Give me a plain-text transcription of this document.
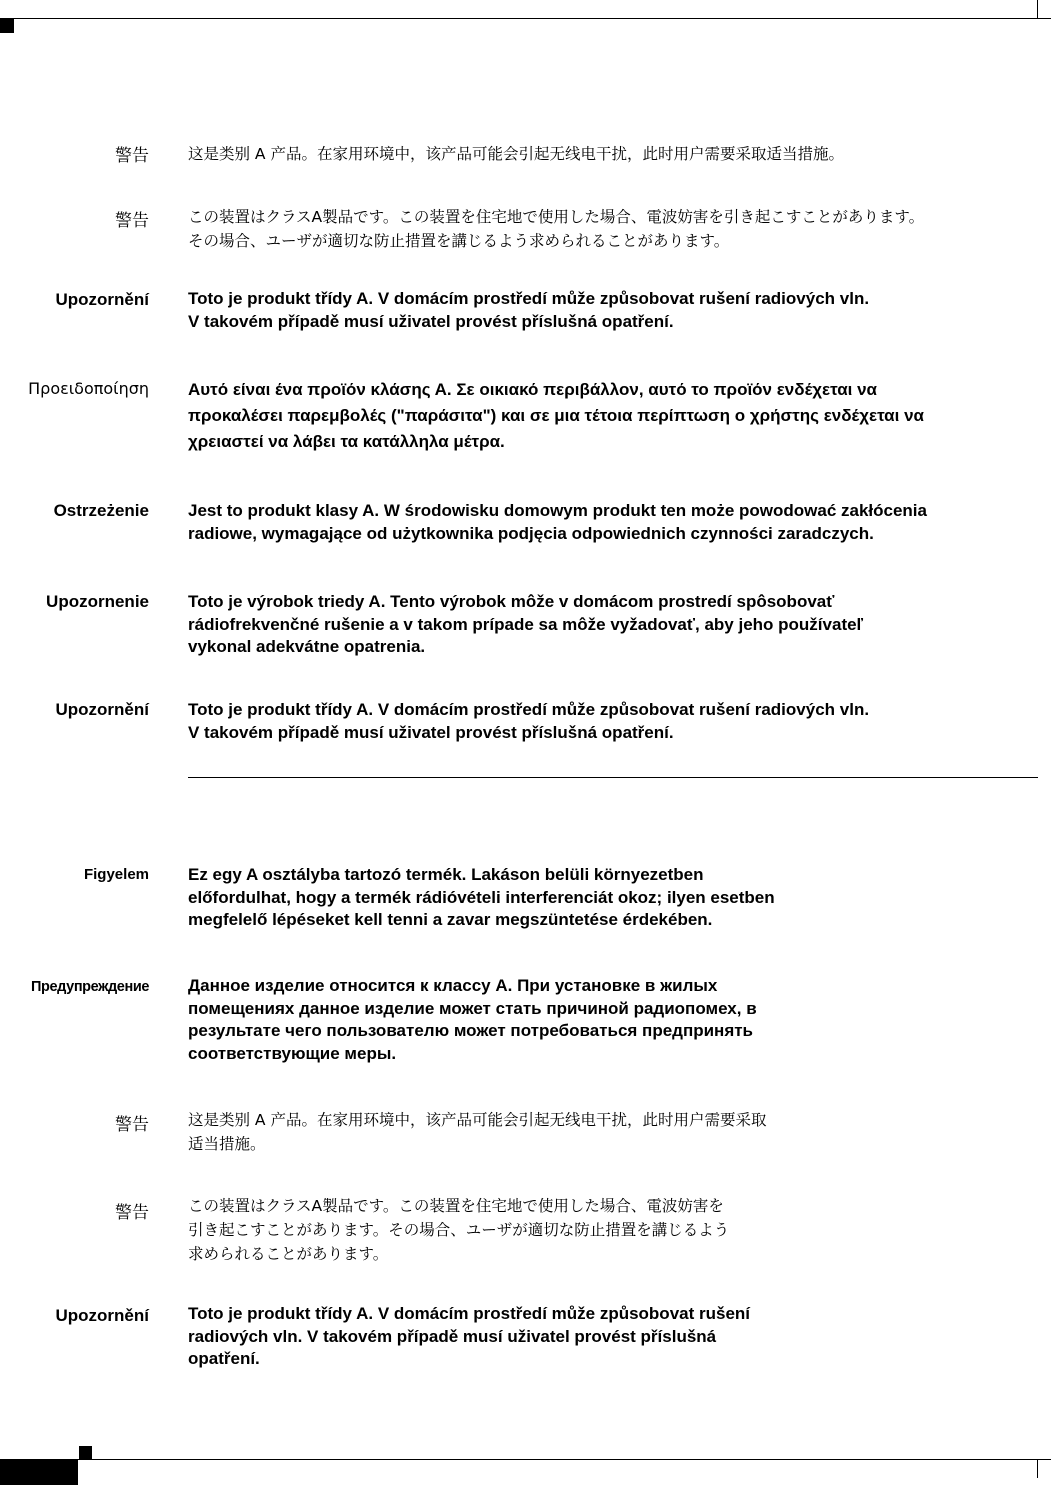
警告	这是类别 A 产品。在家用环境中，该产品可能会引起无线电干扰，此时用户需要采取适当措施。
警告	この装置はクラスA製品です。この装置を住宅地で使用した場合、電波妨害を引き起こすことがあります。
その場合、ユーザが適切な防止措置を講じるよう求められることがあります。
Upozornění Toto je produkt třídy A. V domácím prostředí může způsobovat rušení radiových vln.
V takovém případě musí uživatel provést příslušná opatření.
Προειδοποίηση Αυτό είναι ένα προϊόν κλάσης Α. Σε οικιακό περιβάλλον, αυτό το προϊόν ενδέχεται να
προκαλέσει παρεμβολές ("παράσιτα") και σε μια τέτοια περίπτωση ο χρήστης ενδέχεται να
χρειαστεί να λάβει τα κατάλληλα μέτρα.
Ostrzeżenie Jest to produkt klasy A. W środowisku domowym produkt ten może powodować zakłócenia
radiowe, wymagające od użytkownika podjęcia odpowiednich czynności zaradczych.
Upozornenie Toto je výrobok triedy A. Tento výrobok môže v domácom prostredí spôsobovať
rádiofrekvenčné rušenie a v takom prípade sa môže vyžadovať, aby jeho používateľ
vykonal adekvátne opatrenia.
Upozornění Toto je produkt třídy A. V domácím prostředí může způsobovat rušení radiových vln.
V takovém případě musí uživatel provést příslušná opatření.
Figyelem Ez egy A osztályba tartozó termék. Lakáson belüli környezetben
előfordulhat, hogy a termék rádióvételi interferenciát okoz; ilyen esetben
megfelelő lépéseket kell tenni a zavar megszüntetése érdekében.
Предупреждение Данное изделие относится к классу А. При установке в жилых
помещениях данное изделие может стать причиной радиопомех, в
результате чего пользователю может потребоваться предпринять
соответствующие меры.
警告	这是类别 A 产品。在家用环境中，该产品可能会引起无线电干扰，此时用户需要采取
适当措施。
警告	この装置はクラスA製品です。この装置を住宅地で使用した場合、電波妨害を
引き起こすことがあります。その場合、ユーザが適切な防止措置を講じるよう
求められることがあります。
Upozornění Toto je produkt třídy A. V domácím prostředí může způsobovat rušení
radiových vln. V takovém případě musí uživatel provést příslušná
opatření.
